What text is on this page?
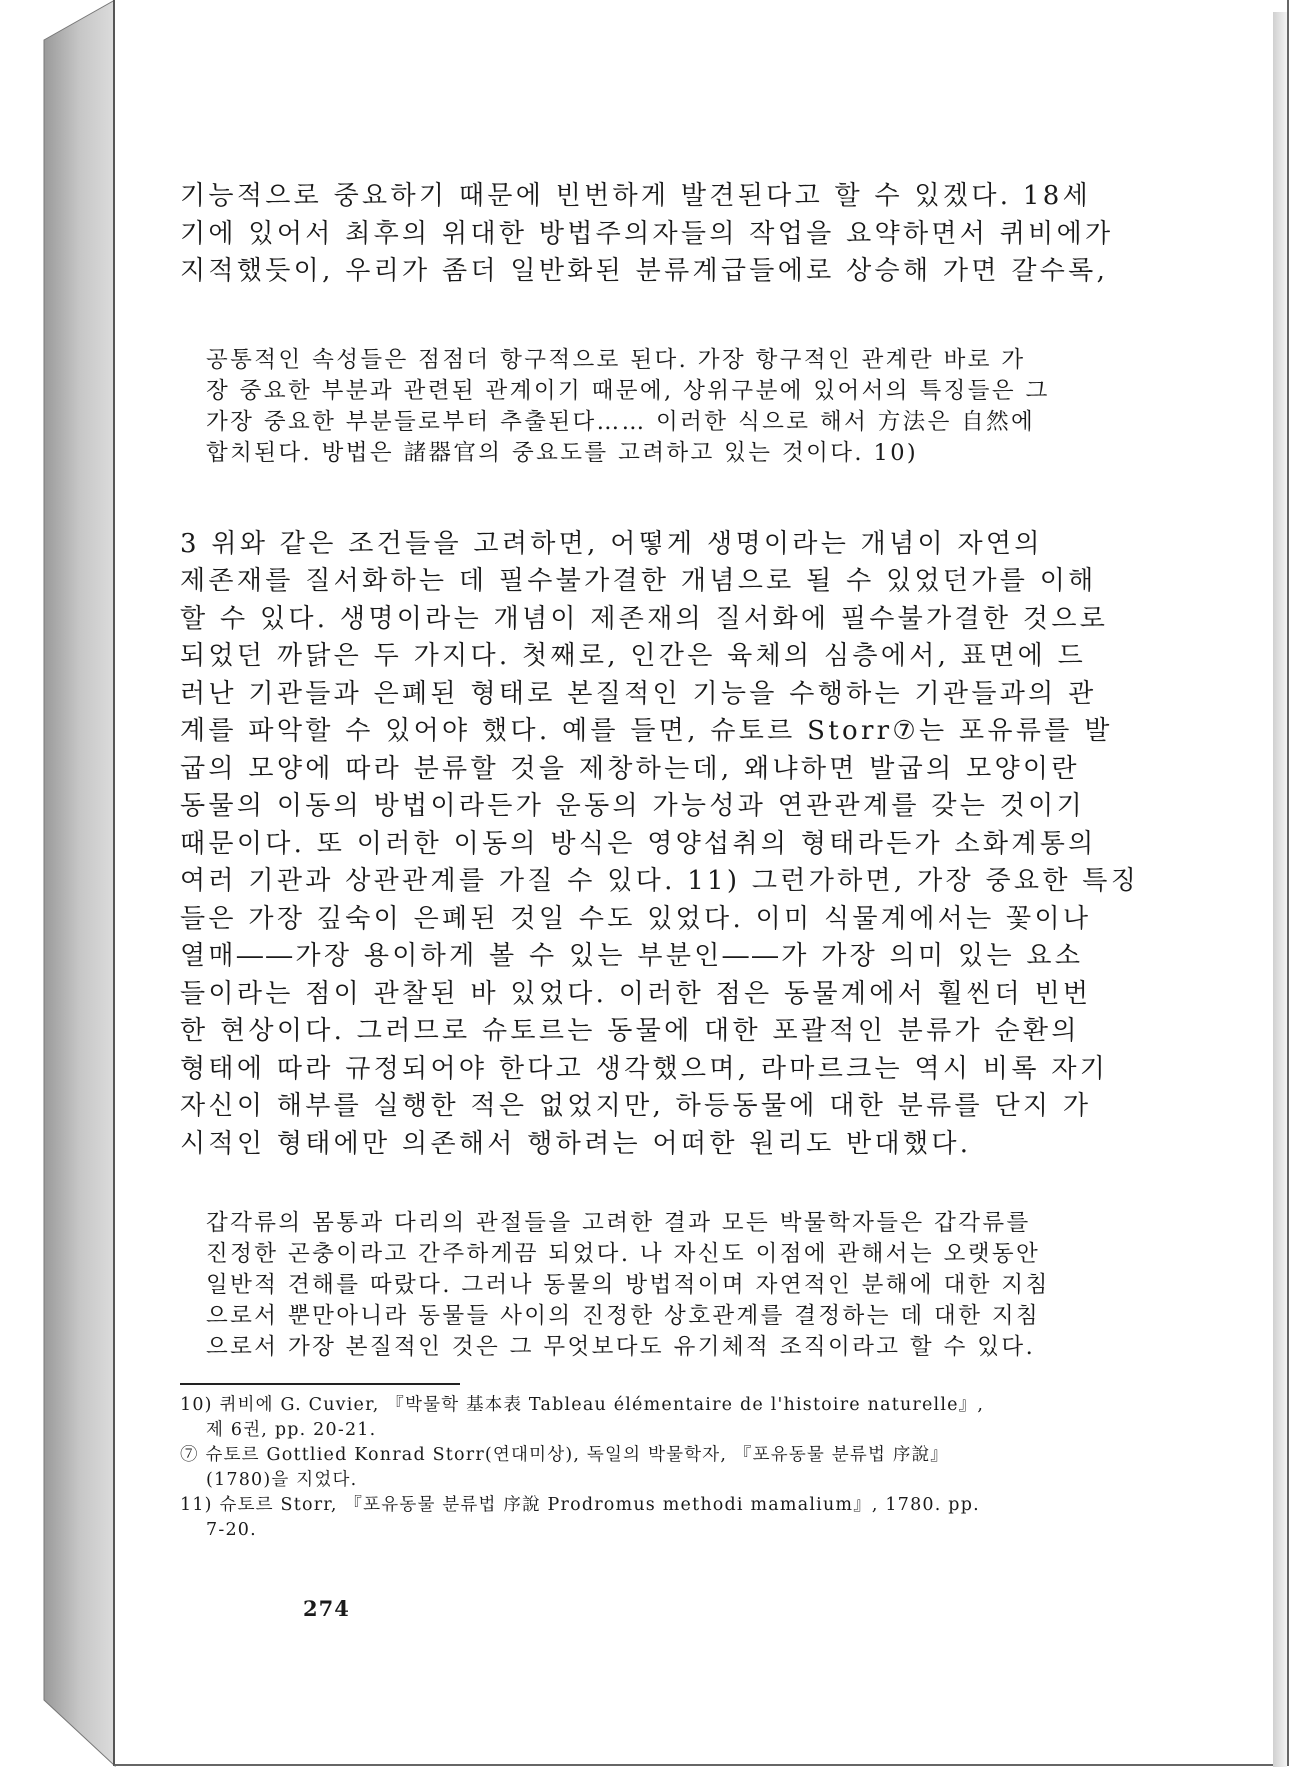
기능적으로 중요하기 때문에 빈번하게 발견된다고 할 수 있겠다. 18세
기에 있어서 최후의 위대한 방법주의자들의 작업을 요약하면서 퀴비에가
지적했듯이, 우리가 좀더 일반화된 분류계급들에로 상승해 가면 갈수록,
공통적인 속성들은 점점더 항구적으로 된다. 가장 항구적인 관계란 바로 가
장 중요한 부분과 관련된 관계이기 때문에, 상위구분에 있어서의 특징들은 그
가장 중요한 부분들로부터 추출된다…… 이러한 식으로 해서 方法은 自然에
합치된다. 방법은 諸器官의 중요도를 고려하고 있는 것이다. 10)
3 위와 같은 조건들을 고려하면, 어떻게 생명이라는 개념이 자연의
제존재를 질서화하는 데 필수불가결한 개념으로 될 수 있었던가를 이해
할 수 있다. 생명이라는 개념이 제존재의 질서화에 필수불가결한 것으로
되었던 까닭은 두 가지다. 첫째로, 인간은 육체의 심층에서, 표면에 드
러난 기관들과 은폐된 형태로 본질적인 기능을 수행하는 기관들과의 관
계를 파악할 수 있어야 했다. 예를 들면, 슈토르 Storr⑦는 포유류를 발
굽의 모양에 따라 분류할 것을 제창하는데, 왜냐하면 발굽의 모양이란
동물의 이동의 방법이라든가 운동의 가능성과 연관관계를 갖는 것이기
때문이다. 또 이러한 이동의 방식은 영양섭취의 형태라든가 소화계통의
여러 기관과 상관관계를 가질 수 있다. 11) 그런가하면, 가장 중요한 특징
들은 가장 깊숙이 은폐된 것일 수도 있었다. 이미 식물계에서는 꽃이나
열매――가장 용이하게 볼 수 있는 부분인――가 가장 의미 있는 요소
들이라는 점이 관찰된 바 있었다. 이러한 점은 동물계에서 훨씬더 빈번
한 현상이다. 그러므로 슈토르는 동물에 대한 포괄적인 분류가 순환의
형태에 따라 규정되어야 한다고 생각했으며, 라마르크는 역시 비록 자기
자신이 해부를 실행한 적은 없었지만, 하등동물에 대한 분류를 단지 가
시적인 형태에만 의존해서 행하려는 어떠한 원리도 반대했다.
갑각류의 몸통과 다리의 관절들을 고려한 결과 모든 박물학자들은 갑각류를
진정한 곤충이라고 간주하게끔 되었다. 나 자신도 이점에 관해서는 오랫동안
일반적 견해를 따랐다. 그러나 동물의 방법적이며 자연적인 분해에 대한 지침
으로서 뿐만아니라 동물들 사이의 진정한 상호관계를 결정하는 데 대한 지침
으로서 가장 본질적인 것은 그 무엇보다도 유기체적 조직이라고 할 수 있다.
10) 퀴비에 G. Cuvier, 『박물학 基本表 Tableau élémentaire de l'histoire naturelle』,
제 6권, pp. 20-21.
⑦ 슈토르 Gottlied Konrad Storr(연대미상), 독일의 박물학자, 『포유동물 분류법 序說』
(1780)을 지었다.
11) 슈토르 Storr, 『포유동물 분류법 序說 Prodromus methodi mamalium』, 1780. pp.
7-20.
274
